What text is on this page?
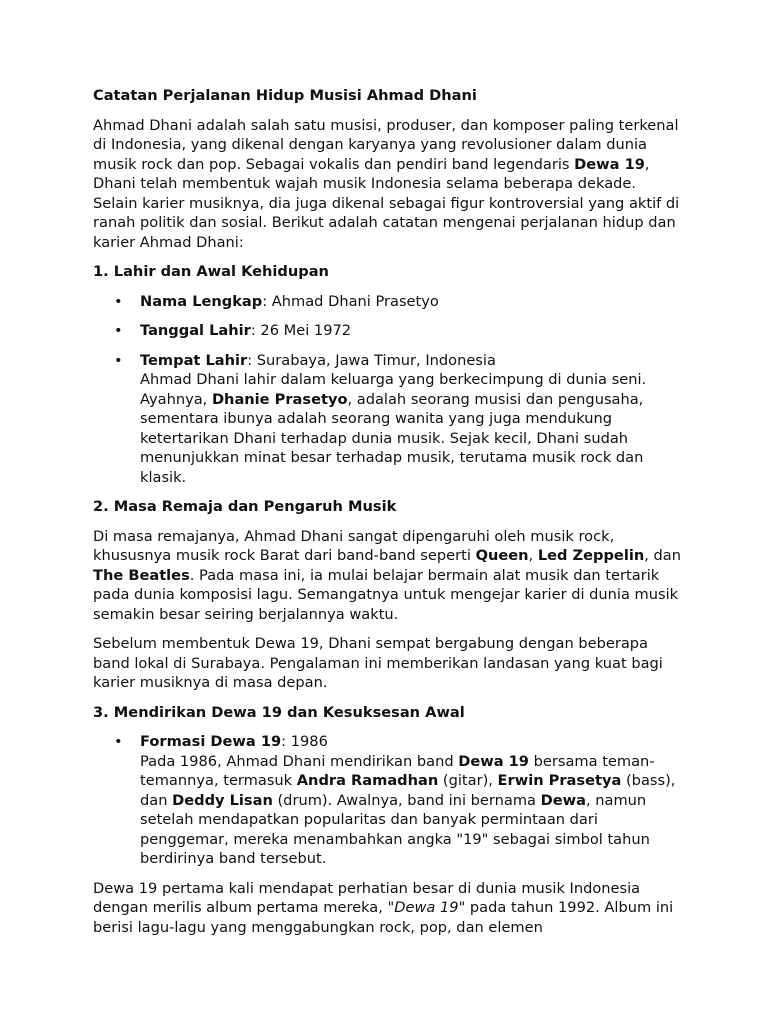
Catatan Perjalanan Hidup Musisi Ahmad Dhani

Ahmad Dhani adalah salah satu musisi, produser, dan komposer paling terkenal di Indonesia, yang dikenal dengan karyanya yang revolusioner dalam dunia musik rock dan pop. Sebagai vokalis dan pendiri band legendaris Dewa 19, Dhani telah membentuk wajah musik Indonesia selama beberapa dekade. Selain karier musiknya, dia juga dikenal sebagai figur kontroversial yang aktif di ranah politik dan sosial. Berikut adalah catatan mengenai perjalanan hidup dan karier Ahmad Dhani:

1. Lahir dan Awal Kehidupan
• Nama Lengkap: Ahmad Dhani Prasetyo
• Tanggal Lahir: 26 Mei 1972
• Tempat Lahir: Surabaya, Jawa Timur, Indonesia
Ahmad Dhani lahir dalam keluarga yang berkecimpung di dunia seni. Ayahnya, Dhanie Prasetyo, adalah seorang musisi dan pengusaha, sementara ibunya adalah seorang wanita yang juga mendukung ketertarikan Dhani terhadap dunia musik. Sejak kecil, Dhani sudah menunjukkan minat besar terhadap musik, terutama musik rock dan klasik.
2. Masa Remaja dan Pengaruh Musik

Di masa remajanya, Ahmad Dhani sangat dipengaruhi oleh musik rock, khususnya musik rock Barat dari band-band seperti Queen, Led Zeppelin, dan The Beatles. Pada masa ini, ia mulai belajar bermain alat musik dan tertarik pada dunia komposisi lagu. Semangatnya untuk mengejar karier di dunia musik semakin besar seiring berjalannya waktu.

Sebelum membentuk Dewa 19, Dhani sempat bergabung dengan beberapa band lokal di Surabaya. Pengalaman ini memberikan landasan yang kuat bagi karier musiknya di masa depan.

3. Mendirikan Dewa 19 dan Kesuksesan Awal
• Formasi Dewa 19: 1986
Pada 1986, Ahmad Dhani mendirikan band Dewa 19 bersama teman-temannya, termasuk Andra Ramadhan (gitar), Erwin Prasetya (bass), dan Deddy Lisan (drum). Awalnya, band ini bernama Dewa, namun setelah mendapatkan popularitas dan banyak permintaan dari penggemar, mereka menambahkan angka "19" sebagai simbol tahun berdirinya band tersebut.

Dewa 19 pertama kali mendapat perhatian besar di dunia musik Indonesia dengan merilis album pertama mereka, "Dewa 19" pada tahun 1992. Album ini berisi lagu-lagu yang menggabungkan rock, pop, dan elemen
